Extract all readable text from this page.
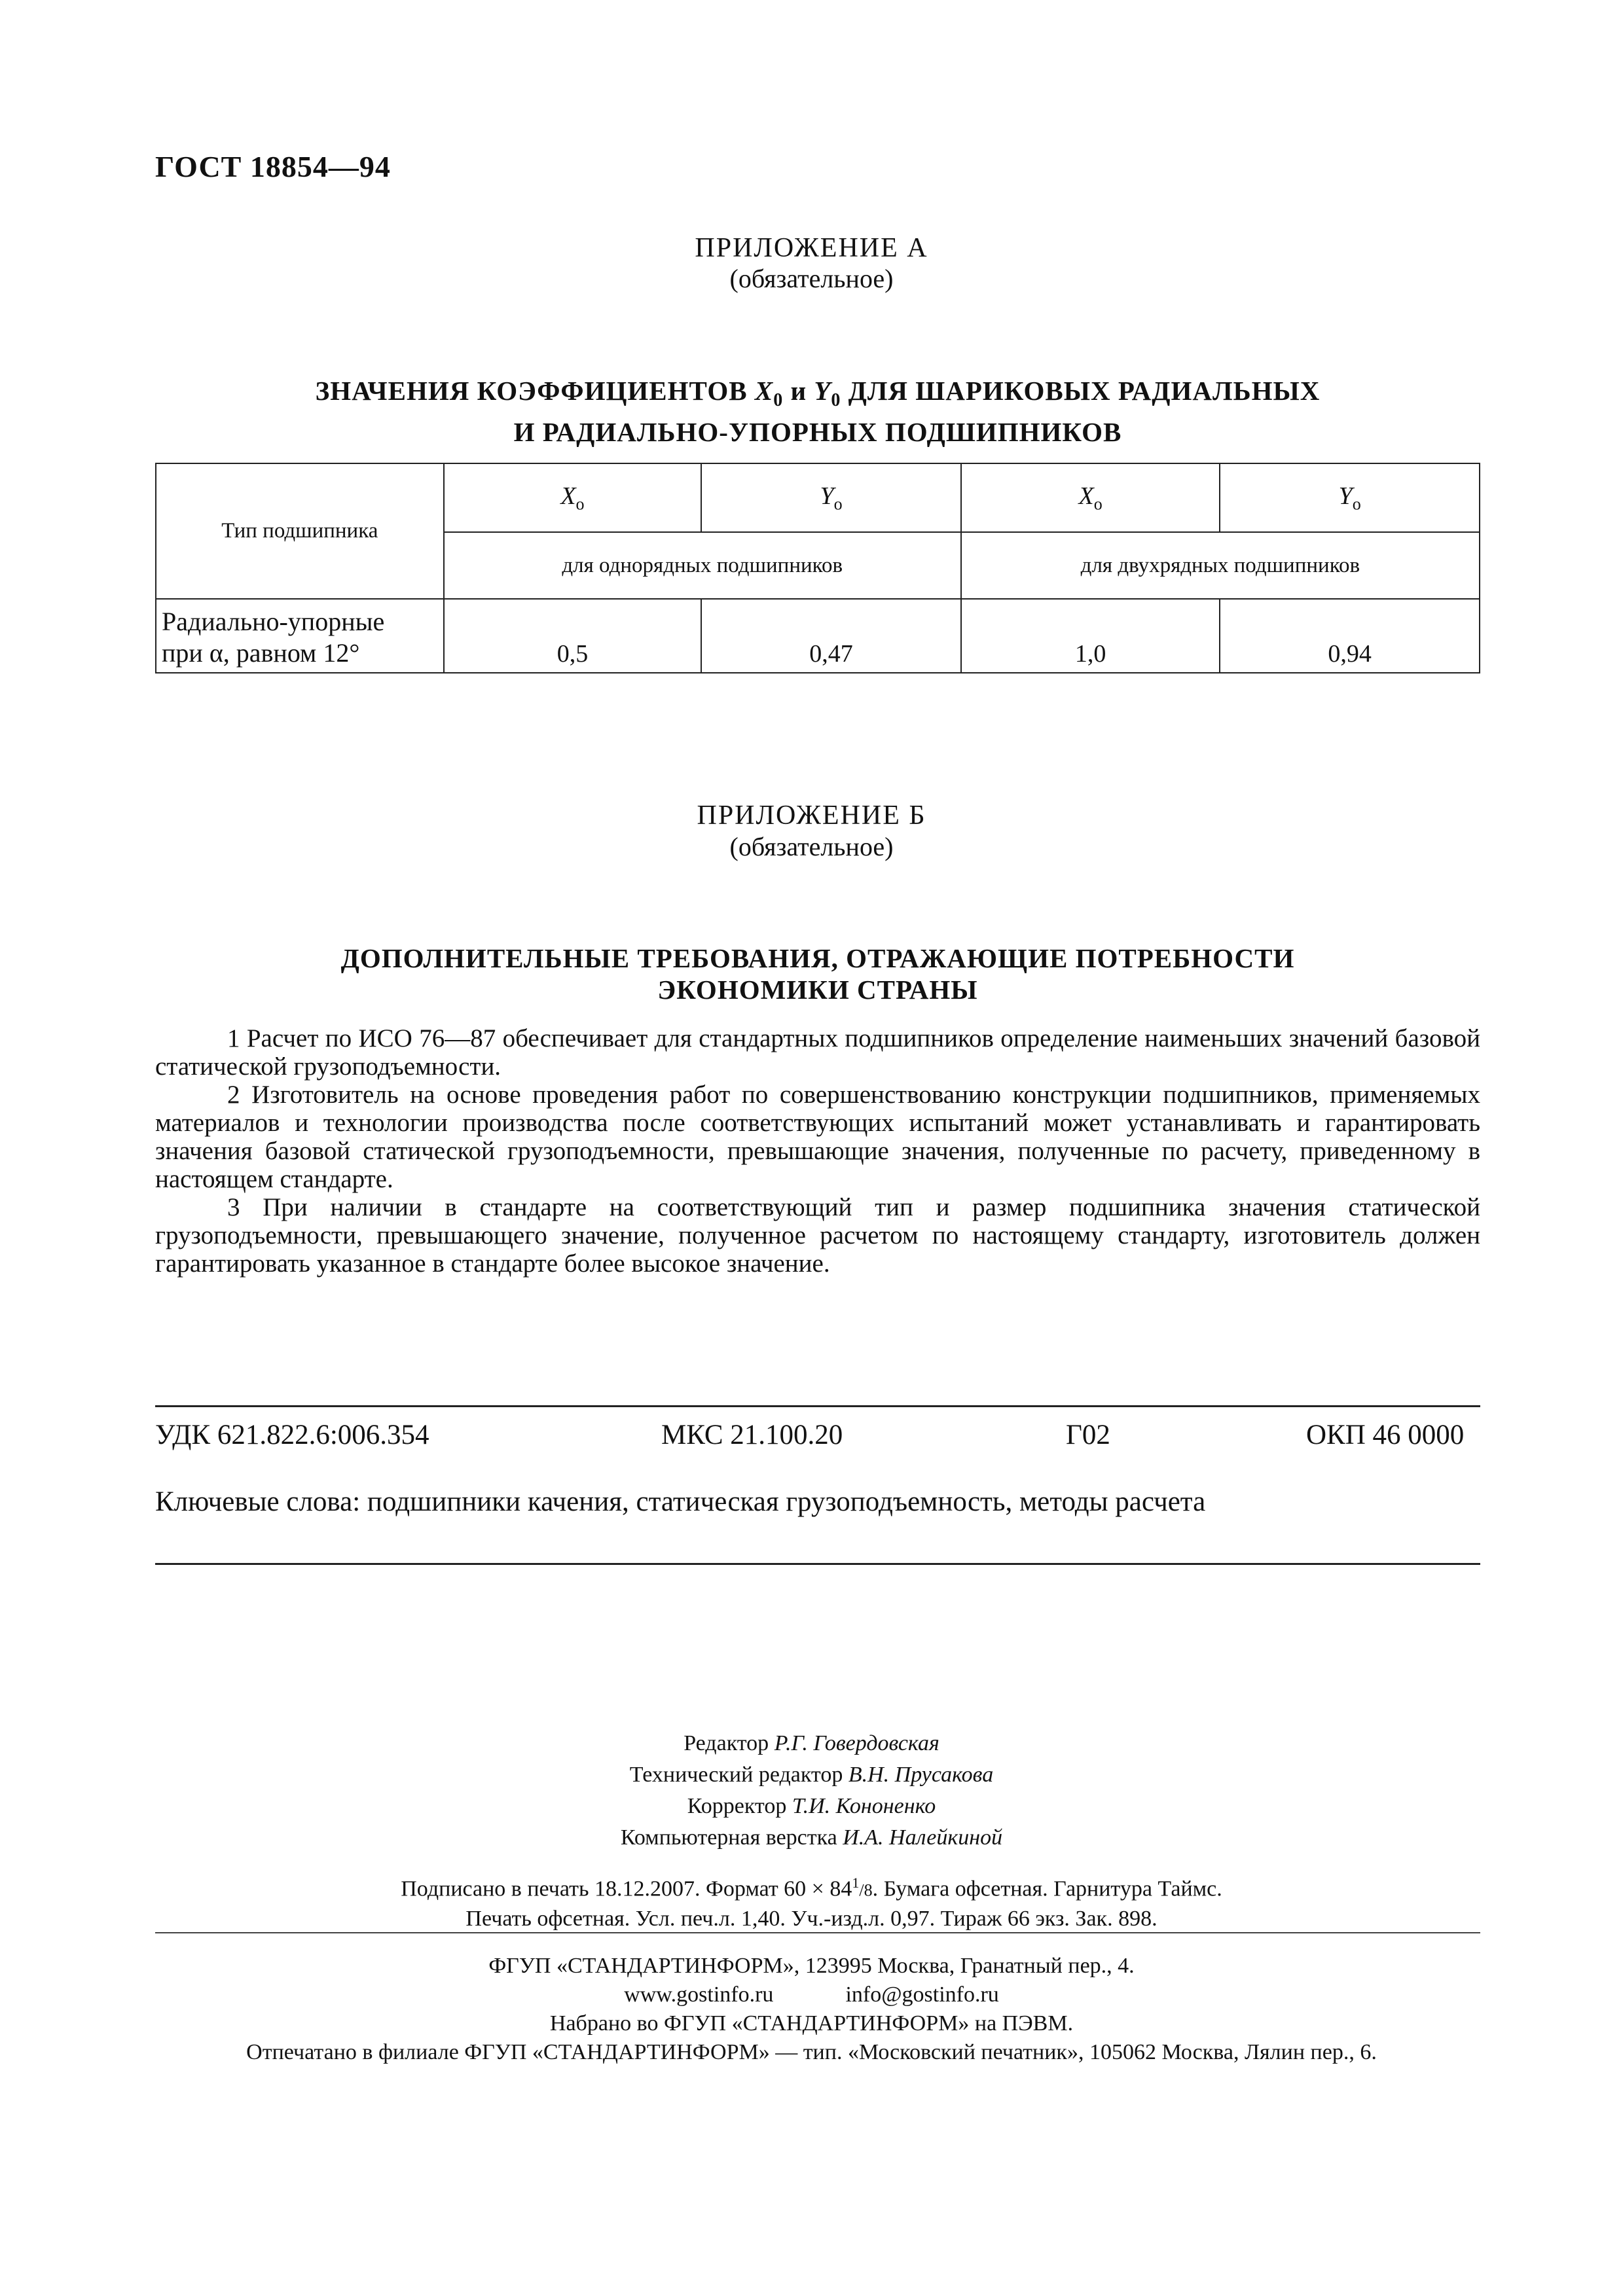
ГОСТ 18854—94
ПРИЛОЖЕНИЕ А
(обязательное)
ЗНАЧЕНИЯ КОЭФФИЦИЕНТОВ $X_0$ и $Y_0$ ДЛЯ ШАРИКОВЫХ РАДИАЛЬНЫХ
И РАДИАЛЬНО-УПОРНЫХ ПОДШИПНИКОВ
Тип подшипника	$X_o$	$Y_o$	$X_o$	$Y_o$
	для однорядных подшипников		для двухрядных подшипников	

Радиально-упорные
при α, равном 12°	0,5	0,47	1,0	0,94
ПРИЛОЖЕНИЕ Б
(обязательное)
ДОПОЛНИТЕЛЬНЫЕ ТРЕБОВАНИЯ, ОТРАЖАЮЩИЕ ПОТРЕБНОСТИ
ЭКОНОМИКИ СТРАНЫ

1 Расчет по ИСО 76—87 обеспечивает для стандартных подшипников определение наименьших значений базовой статической грузоподъемности.

2 Изготовитель на основе проведения работ по совершенствованию конструкции подшипников, применяемых материалов и технологии производства после соответствующих испытаний может устанавливать и гарантировать значения базовой статической грузоподъемности, превышающие значения, полученные по расчету, приведенному в настоящем стандарте.

3 При наличии в стандарте на соответствующий тип и размер подшипника значения статической грузоподъемности, превышающего значение, полученное расчетом по настоящему стандарту, изготовитель должен гарантировать указанное в стандарте более высокое значение.

УДК 621.822.6:006.354	МКС 21.100.20	Г02	ОКП 46 0000
Ключевые слова: подшипники качения, статическая грузоподъемность, методы расчета
Редактор Р.Г. Говердовская
Технический редактор В.Н. Прусакова
Корректор Т.И. Кононенко
Компьютерная верстка И.А. Налейкиной
Подписано в печать 18.12.2007. Формат $60 \times 84^1/8$. Бумага офсетная. Гарнитура Таймс.
Печать офсетная. Усл. печ.л. 1,40. Уч.-изд.л. 0,97. Тираж 66 экз. Зак. 898.
ФГУП «СТАНДАРТИНФОРМ», 123995 Москва, Гранатный пер., 4.
www.gostinfo.ru	info@gostinfo.ru
Набрано во ФГУП «СТАНДАРТИНФОРМ» на ПЭВМ.
Отпечатано в филиале ФГУП «СТАНДАРТИНФОРМ» — тип. «Московский печатник», 105062 Москва, Лялин пер., 6.
